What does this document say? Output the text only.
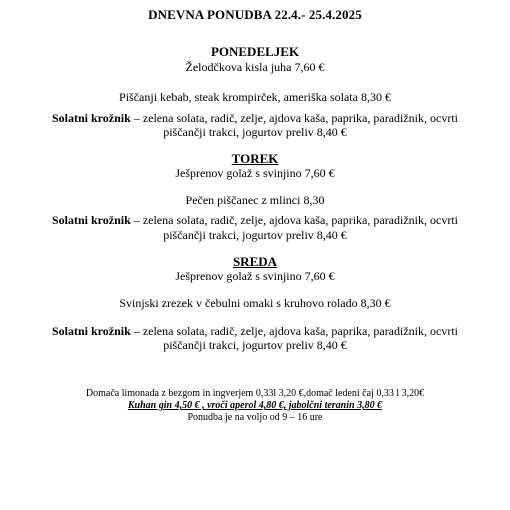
DNEVNA PONUDBA 22.4.- 25.4.2025
PONEDELJEK
Želodčkova kisla juha 7,60 €
Piščanji kebab, steak krompirček, ameriška solata 8,30 €
Solatni krožnik – zelena solata, radič, zelje, ajdova kaša, paprika, paradižnik, ocvrti
piščančji trakci, jogurtov preliv 8,40 €
TOREK
Ješprenov golaž s svinjino 7,60 €
Pečen piščanec z mlinci 8,30
Solatni krožnik – zelena solata, radič, zelje, ajdova kaša, paprika, paradižnik, ocvrti
piščančji trakci, jogurtov preliv 8,40 €
SREDA
Ješprenov golaž s svinjino 7,60 €
Svinjski zrezek v čebulni omaki s kruhovo rolado 8,30 €
Solatni krožnik – zelena solata, radič, zelje, ajdova kaša, paprika, paradižnik, ocvrti
piščančji trakci, jogurtov preliv 8,40 €
Domača limonada z bezgom in ingverjem 0,33l 3,20 €,domač ledeni čaj 0,33 l 3,20€
Kuhan gin 4,50 € , vroči aperol 4,80 €, jabolčni teranin 3,80 €
Ponudba je na voljo od 9 – 16 ure
